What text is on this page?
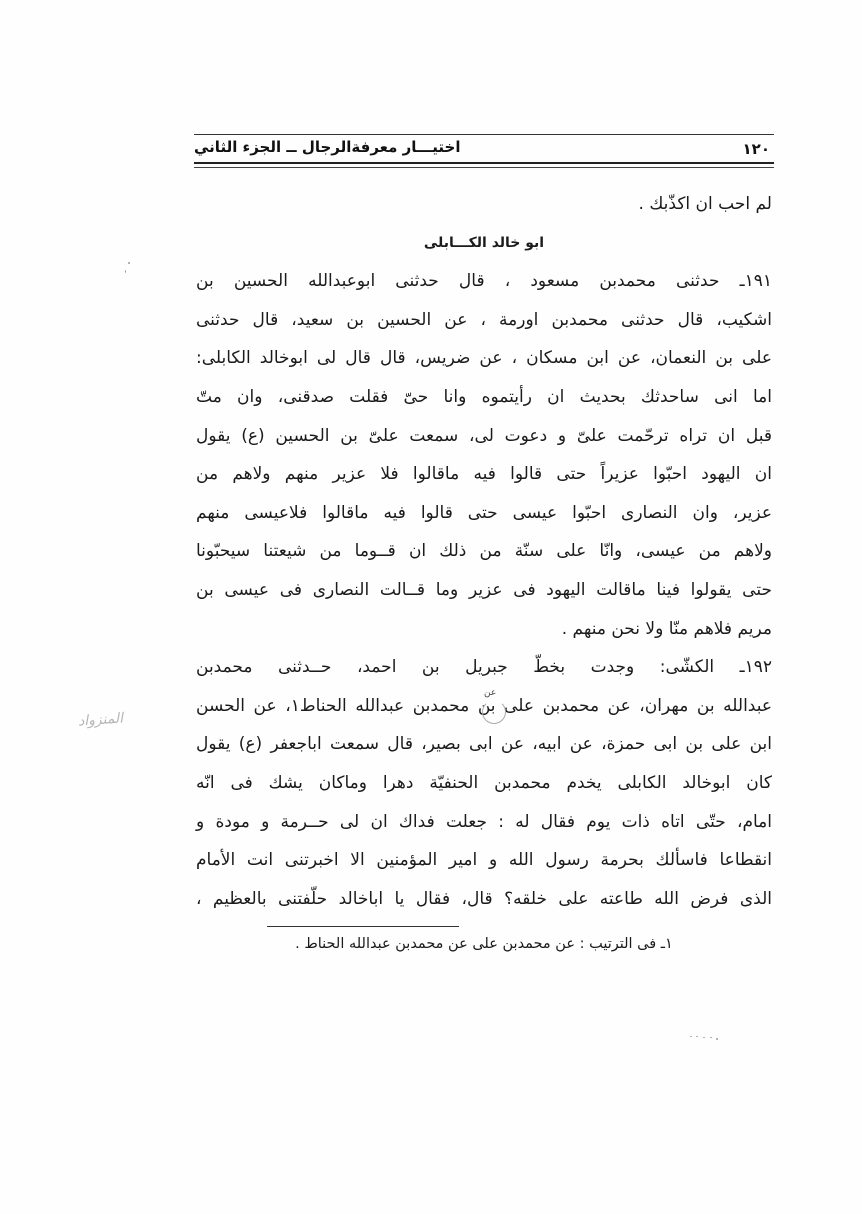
اختيـــار معرفةالرجال ــ الجزء الثاني	١٢٠
لم احب ان اكذّبك .
ابو خالد الكـــابلى
١٩١ـ حدثنى محمدبن مسعود ، قال حدثنى ابوعبدالله الحسين بن
اشكيب، قال حدثنى محمدبن اورمة ، عن الحسين بن سعيد، قال حدثنى
على بن النعمان، عن ابن مسكان ، عن ضريس، قال قال لى ابوخالد الكابلى:
اما انى ساحدثك بحديث ان رأيتموه وانا حىّ فقلت صدقنى، وان متّ
قبل ان تراه ترحّمت علىّ و دعوت لى، سمعت علىّ بن الحسين (ع) يقول
ان اليهود احبّوا عزيراً حتى قالوا فيه ماقالوا فلا عزير منهم ولاهم من
عزير، وان النصارى احبّوا عيسى حتى قالوا فيه ماقالوا فلاعيسى منهم
ولاهم من عيسى، وانّا على سنّة من ذلك ان قــوما من شيعتنا سيحبّونا
حتى يقولوا فينا ماقالت اليهود فى عزير وما قــالت النصارى فى عيسى بن
مريم فلاهم منّا ولا نحن منهم .
١٩٢ـ الكشّى: وجدت بخطّ جبريل بن احمد، حــدثنى محمدبن
عبدالله بن مهران، عن محمدبن على بن محمدبن عبدالله الحناط١، عن الحسن
ابن على بن ابى حمزة، عن ابيه، عن ابى بصير، قال سمعت اباجعفر (ع) يقول
كان ابوخالد الكابلى يخدم محمدبن الحنفيّة دهرا وماكان يشك فى انّه
امام، حتّى اتاه ذات يوم فقال له : جعلت فداك ان لى حــرمة و مودة و
انقطاعا فاسألك بحرمة رسول الله و امير المؤمنين الا اخبرتنى انت الأمام
الذى فرض الله طاعته على خلقه؟ قال، فقال يا اباخالد حلّفتنى بالعظيم ،
عن
١ـ فى الترتيب : عن محمدبن على عن محمدبن عبدالله الحناط .
المنزواد
